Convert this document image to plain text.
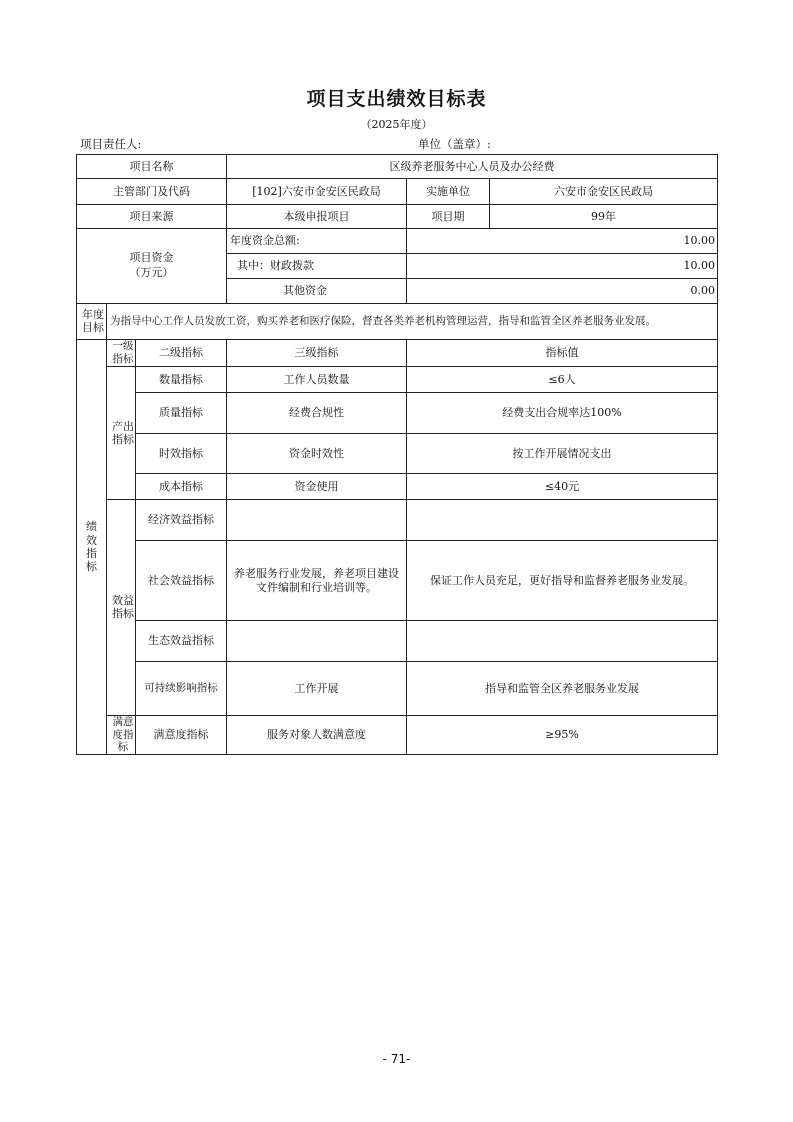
项目支出绩效目标表
（2025年度）
项目责任人:	单位（盖章）:
项目名称			区级养老服务中心人员及办公经费		
主管部门及代码			[102]六安市金安区民政局	实施单位	六安市金安区民政局
项目来源			本级申报项目	项目期	99年
项目资金（万元）			年度资金总额:	10.00	
			其中：财政拨款	10.00	
			其他资金	0.00	
年度目标	为指导中心工作人员发放工资，购买养老和医疗保险，督查各类养老机构管理运营，指导和监管全区养老服务业发展。				
绩效指标	一级指标	二级指标	三级指标	指标值	
	产出指标	数量指标	工作人员数量	≤6人	
		质量指标	经费合规性	经费支出合规率达100%	
		时效指标	资金时效性	按工作开展情况支出	
		成本指标	资金使用	≤40元	
	效益指标	经济效益指标			
		社会效益指标	养老服务行业发展，养老项目建设文件编制和行业培训等。	保证工作人员充足，更好指导和监督养老服务业发展。	
		生态效益指标			
		可持续影响指标	工作开展	指导和监管全区养老服务业发展	
	满意度指标	满意度指标	服务对象人数满意度	≥95%	
- 71-
